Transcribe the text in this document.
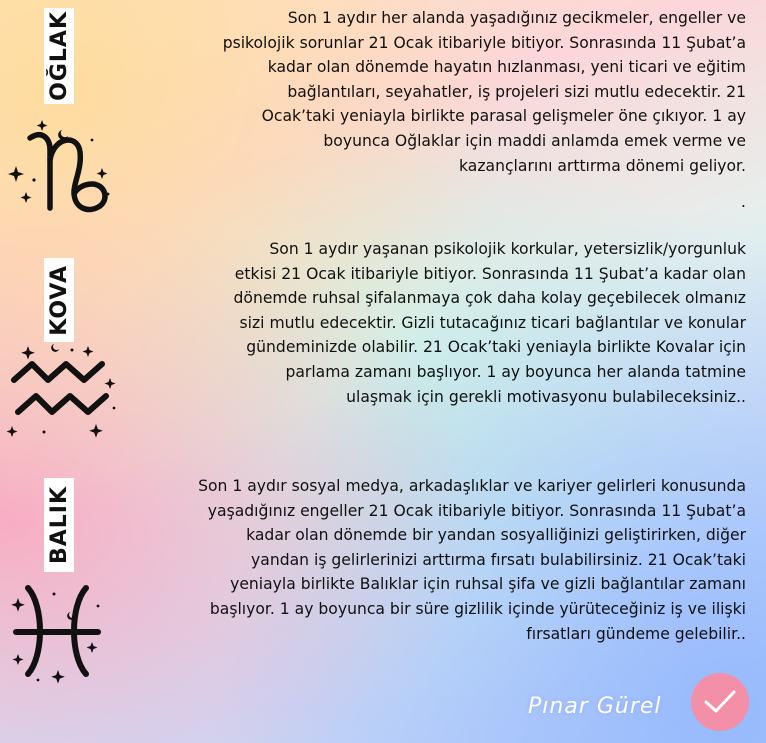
OĞLAK	Son 1 aydır her alanda yaşadığınız gecikmeler, engeller ve
psikolojik sorunlar 21 Ocak itibariyle bitiyor. Sonrasında 11 Şubat’a
kadar olan dönemde hayatın hızlanması, yeni ticari ve eğitim
bağlantıları, seyahatler, iş projeleri sizi mutlu edecektir. 21
Ocak’taki yeniayla birlikte parasal gelişmeler öne çıkıyor. 1 ay
boyunca Oğlaklar için maddi anlamda emek verme ve
kazançlarını arttırma dönemi geliyor.

.
KOVA

Son 1 aydır yaşanan psikolojik korkular, yetersizlik/yorgunluk
etkisi 21 Ocak itibariyle bitiyor. Sonrasında 11 Şubat’a kadar olan
dönemde ruhsal şifalanmaya çok daha kolay geçebilecek olmanız
sizi mutlu edecektir. Gizli tutacağınız ticari bağlantılar ve konular
gündeminizde olabilir. 21 Ocak’taki yeniayla birlikte Kovalar için
parlama zamanı başlıyor. 1 ay boyunca her alanda tatmine
ulaşmak için gerekli motivasyonu bulabileceksiniz..

BALIK	Son 1 aydır sosyal medya, arkadaşlıklar ve kariyer gelirleri konusunda
yaşadığınız engeller 21 Ocak itibariyle bitiyor. Sonrasında 11 Şubat’a
kadar olan dönemde bir yandan sosyalliğinizi geliştirirken, diğer
yandan iş gelirlerinizi arttırma fırsatı bulabilirsiniz. 21 Ocak’taki
yeniayla birlikte Balıklar için ruhsal şifa ve gizli bağlantılar zamanı
başlıyor. 1 ay boyunca bir süre gizlilik içinde yürüteceğiniz iş ve ilişki
fırsatları gündeme gelebilir..

Pınar Gürel
